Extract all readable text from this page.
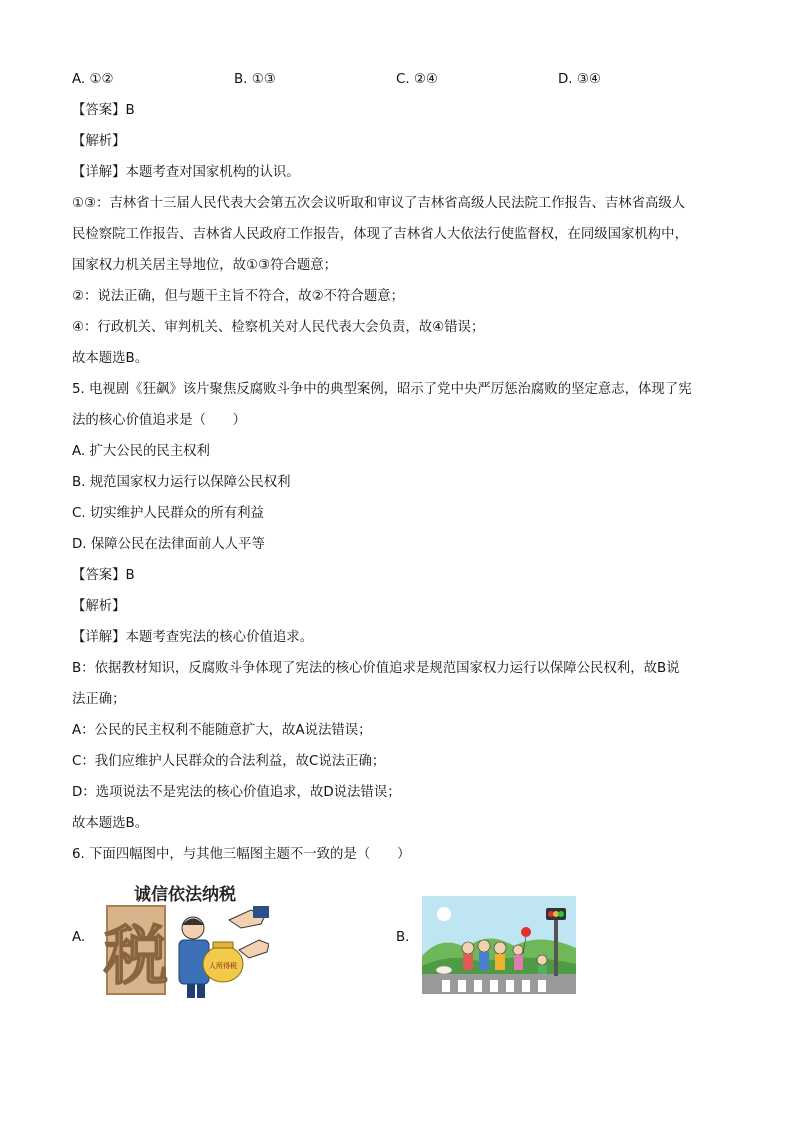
A. ①②	B. ①③	C. ②④	D. ③④
【答案】B
【解析】
【详解】本题考查对国家机构的认识。
①③：吉林省十三届人民代表大会第五次会议听取和审议了吉林省高级人民法院工作报告、吉林省高级人
民检察院工作报告、吉林省人民政府工作报告，体现了吉林省人大依法行使监督权，在同级国家机构中，
国家权力机关居主导地位，故①③符合题意；
②：说法正确，但与题干主旨不符合，故②不符合题意；
④：行政机关、审判机关、检察机关对人民代表大会负责，故④错误；
故本题选B。
5. 电视剧《狂飙》该片聚焦反腐败斗争中的典型案例，昭示了党中央严厉惩治腐败的坚定意志，体现了宪
法的核心价值追求是（　　）
A. 扩大公民的民主权利
B. 规范国家权力运行以保障公民权利
C. 切实维护人民群众的所有利益
D. 保障公民在法律面前人人平等
【答案】B
【解析】
【详解】本题考查宪法的核心价值追求。
B：依据教材知识，反腐败斗争体现了宪法的核心价值追求是规范国家权力运行以保障公民权利，故B说
法正确；
A：公民的民主权利不能随意扩大，故A说法错误；
C：我们应维护人民群众的合法利益，故C说法正确；
D：选项说法不是宪法的核心价值追求，故D说法错误；
故本题选B。
6. 下面四幅图中，与其他三幅图主题不一致的是（　　）
A.
诚信依法纳税
税	人所得税
B.
